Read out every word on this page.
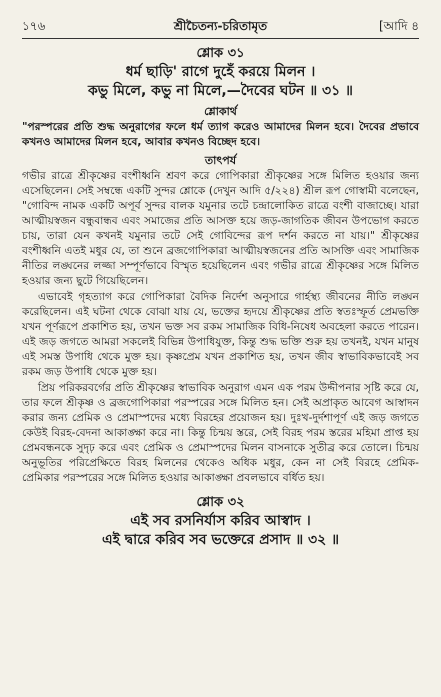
১৭৬	শ্রীচৈতন্য-চরিতামৃত	[আদি ৪
শ্লোক ৩১
ধর্ম ছাড়ি' রাগে দুহেঁ করয়ে মিলন ।
কভু মিলে, কভু না মিলে,—দৈবের ঘটন ॥ ৩১ ॥
শ্লোকার্থ
"পরস্পরের প্রতি শুদ্ধ অনুরাগের ফলে ধর্ম ত্যাগ করেও আমাদের মিলন হবে। দৈবের প্রভাবে কখনও আমাদের মিলন হবে, আবার কখনও বিচ্ছেদ হবে।
তাৎপর্য

গভীর রাত্রে শ্রীকৃষ্ণের বংশীধ্বনি শ্রবণ করে গোপিকারা শ্রীকৃষ্ণের সঙ্গে মিলিত হওয়ার জন্য এসেছিলেন। সেই সম্বন্ধে একটি সুন্দর শ্লোকে (দেখুন আদি ৫/২২৪) শ্রীল রূপ গোস্বামী বলেছেন, "গোবিন্দ নামক একটি অপূর্ব সুন্দর বালক যমুনার তটে চন্দ্রালোকিত রাত্রে বংশী বাজাচ্ছে। যারা আত্মীয়স্বজন বন্ধুবান্ধব এবং সমাজের প্রতি আসক্ত হয়ে জড়-জাগতিক জীবন উপভোগ করতে চায়, তারা যেন কখনই যমুনার তটে সেই গোবিন্দের রূপ দর্শন করতে না যায়।" শ্রীকৃষ্ণের বংশীধ্বনি এতই মধুর যে, তা শুনে ব্রজগোপিকারা আত্মীয়স্বজনের প্রতি আসক্তি এবং সামাজিক নীতির লঙ্ঘনের লজ্জা সম্পূর্ণভাবে বিস্মৃত হয়েছিলেন এবং গভীর রাত্রে শ্রীকৃষ্ণের সঙ্গে মিলিত হওয়ার জন্য ছুটে গিয়েছিলেন।

এভাবেই গৃহত্যাগ করে গোপিকারা বৈদিক নির্দেশ অনুসারে গার্হস্থ্য জীবনের নীতি লঙ্ঘন করেছিলেন। এই ঘটনা থেকে বোঝা যায় যে, ভক্তের হৃদয়ে শ্রীকৃষ্ণের প্রতি স্বতঃস্ফূর্ত প্রেমভক্তি যখন পূর্ণরূপে প্রকাশিত হয়, তখন ভক্ত সব রকম সামাজিক বিধি-নিষেধ অবহেলা করতে পারেন। এই জড় জগতে আমরা সকলেই বিভিন্ন উপাধিযুক্ত, কিন্তু শুদ্ধ ভক্তি শুরু হয় তখনই, যখন মানুষ এই সমস্ত উপাধি থেকে মুক্ত হয়। কৃষ্ণপ্রেম যখন প্রকাশিত হয়, তখন জীব স্বাভাবিকভাবেই সব রকম জড় উপাধি থেকে মুক্ত হয়।

প্রিয় পরিকরবর্গের প্রতি শ্রীকৃষ্ণের স্বাভাবিক অনুরাগ এমন এক পরম উদ্দীপনার সৃষ্টি করে যে, তার ফলে শ্রীকৃষ্ণ ও ব্রজগোপিকারা পরস্পরের সঙ্গে মিলিত হন। সেই অপ্রাকৃত আবেগ আস্বাদন করার জন্য প্রেমিক ও প্রেমাস্পদের মধ্যে বিরহের প্রয়োজন হয়। দুঃখ-দুর্দশাপূর্ণ এই জড় জগতে কেউই বিরহ-বেদনা আকাঙ্ক্ষা করে না। কিন্তু চিন্ময় স্তরে, সেই বিরহ পরম স্তরের মহিমা প্রাপ্ত হয় প্রেমবন্ধনকে সুদৃঢ় করে এবং প্রেমিক ও প্রেমাস্পদের মিলন বাসনাকে সুতীব্র করে তোলে। চিন্ময় অনুভূতির পরিপ্রেক্ষিতে বিরহ মিলনের থেকেও অধিক মধুর, কেন না সেই বিরহে প্রেমিক-প্রেমিকার পরস্পরের সঙ্গে মিলিত হওয়ার আকাঙ্ক্ষা প্রবলভাবে বর্ধিত হয়।

শ্লোক ৩২
এই সব রসনির্যাস করিব আস্বাদ ।
এই দ্বারে করিব সব ভক্তেরে প্রসাদ ॥ ৩২ ॥
